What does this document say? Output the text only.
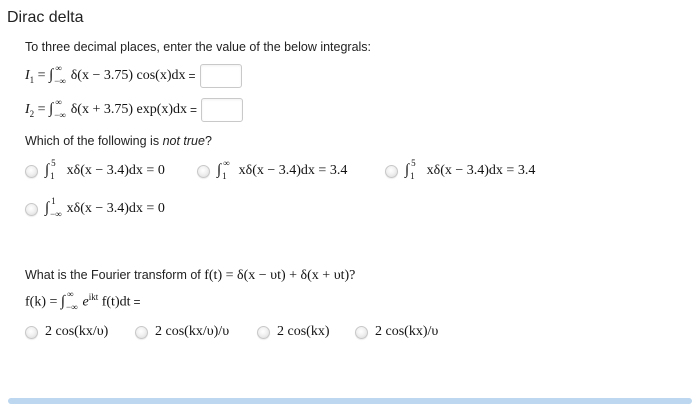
Dirac delta
To three decimal places, enter the value of the below integrals:
$I_1$ = ∫ ∞
−∞ δ(x − 3.75) cos(x)dx =
$I_2$ = ∫ ∞
−∞ δ(x + 3.75) exp(x)dx =
Which of the following is not true?
∫ 5
1 xδ(x − 3.4)dx = 0	∫ ∞
1 xδ(x − 3.4)dx = 3.4	∫ 5
1 xδ(x − 3.4)dx = 3.4
∫ 1
−∞ xδ(x − 3.4)dx = 0
What is the Fourier transform of f(t) = δ(x − υt) + δ(x + υt)?
f(k) = ∫ ∞
−∞ $e^{ikt}$ f(t)dt =
2 cos(kx/υ)	2 cos(kx/υ)/υ	2 cos(kx)	2 cos(kx)/υ
